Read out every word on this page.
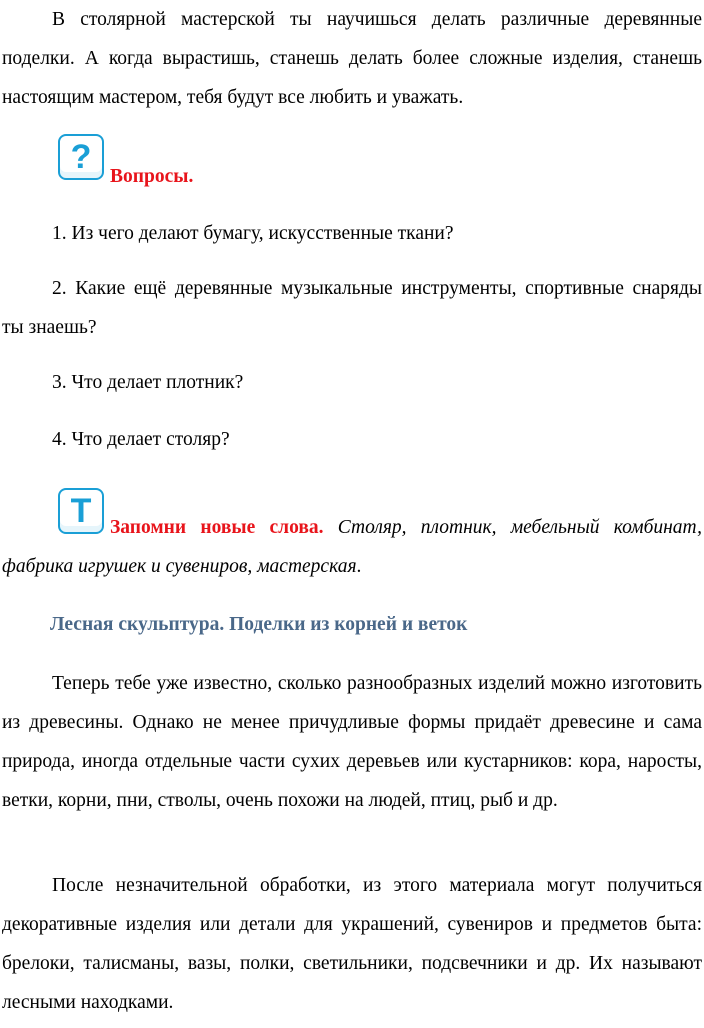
В столярной мастерской ты научишься делать различные деревянные поделки. А когда вырастишь, станешь делать более сложные изделия, станешь настоящим мастером, тебя будут все любить и уважать.

?
Вопросы.
1. Из чего делают бумагу, искусственные ткани?

2. Какие ещё деревянные музыкальные инструменты, спортивные снаряды ты знаешь?

3. Что делает плотник?
4. Что делает столяр?
Т Запомни новые слова. Столяр, плотник, мебельный комбинат, фабрика игрушек и сувениров, мастерская.

Лесная скульптура. Поделки из корней и веток

Теперь тебе уже известно, сколько разнообразных изделий можно изготовить из древесины. Однако не менее причудливые формы придаёт древесине и сама природа, иногда отдельные части сухих деревьев или кустарников: кора, наросты, ветки, корни, пни, стволы, очень похожи на людей, птиц, рыб и др.

После незначительной обработки, из этого материала могут получиться декоративные изделия или детали для украшений, сувениров и предметов быта: брелоки, талисманы, вазы, полки, светильники, подсвечники и др. Их называют лесными находками.
